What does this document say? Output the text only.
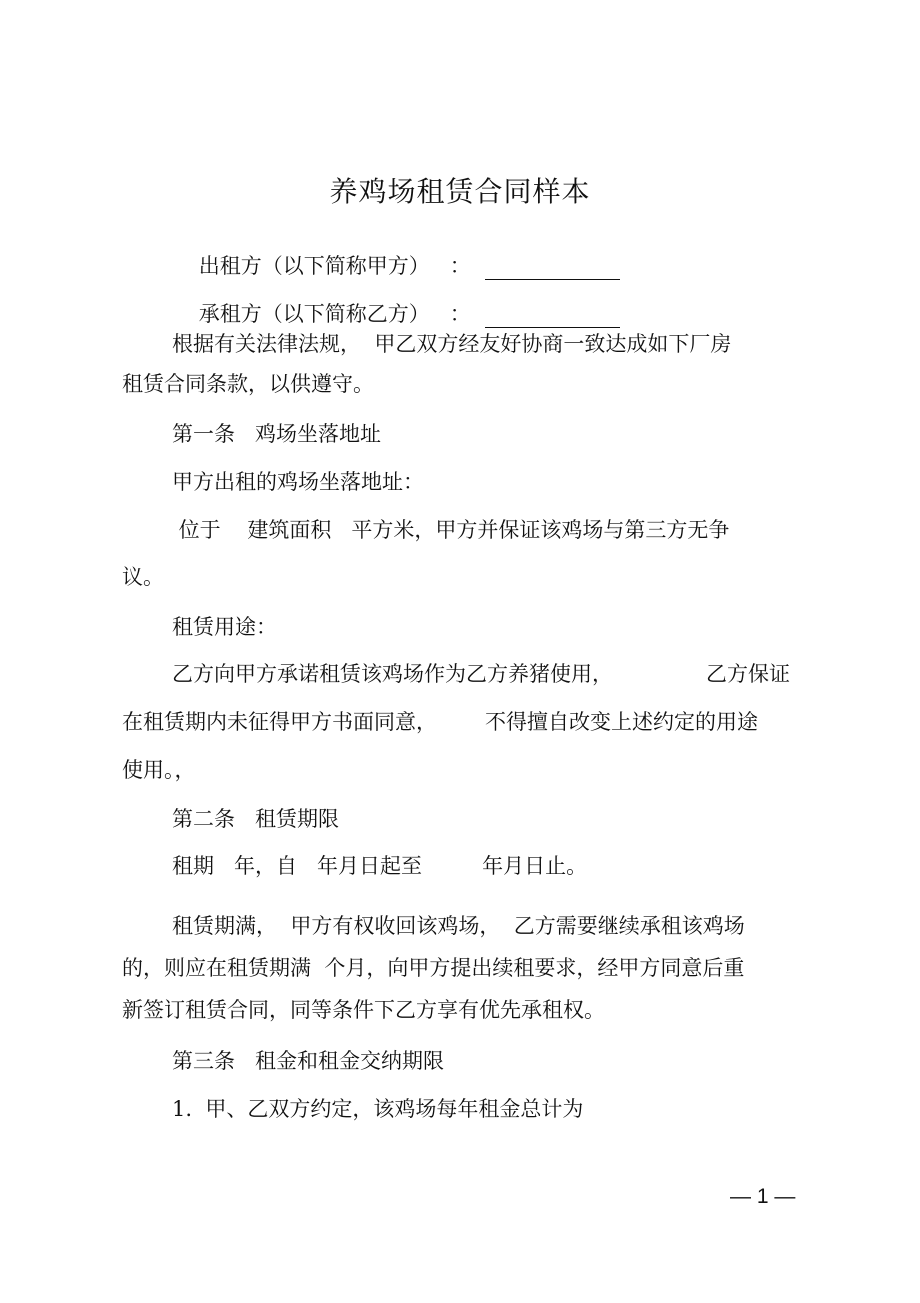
养鸡场租赁合同样本

出租方（以下简称甲方）   ：

承租方（以下简称乙方）   ：

根据有关法律法规，  甲乙双方经友好协商一致达成如下厂房
租赁合同条款，以供遵守。
第一条   鸡场坐落地址
甲方出租的鸡场坐落地址：
位于    建筑面积   平方米，甲方并保证该鸡场与第三方无争
议。
租赁用途：
乙方向甲方承诺租赁该鸡场作为乙方养猪使用，	乙方保证
在租赁期内未征得甲方书面同意， 不得擅自改变上述约定的用途
使用。，
第二条   租赁期限
租期   年，自   年月日起至         年月日止。
租赁期满，  甲方有权收回该鸡场，  乙方需要继续承租该鸡场
的，则应在租赁期满  个月，向甲方提出续租要求，经甲方同意后重
新签订租赁合同，同等条件下乙方享有优先承租权。
第三条   租金和租金交纳期限
1.  甲、乙双方约定，该鸡场每年租金总计为
— 1 —
